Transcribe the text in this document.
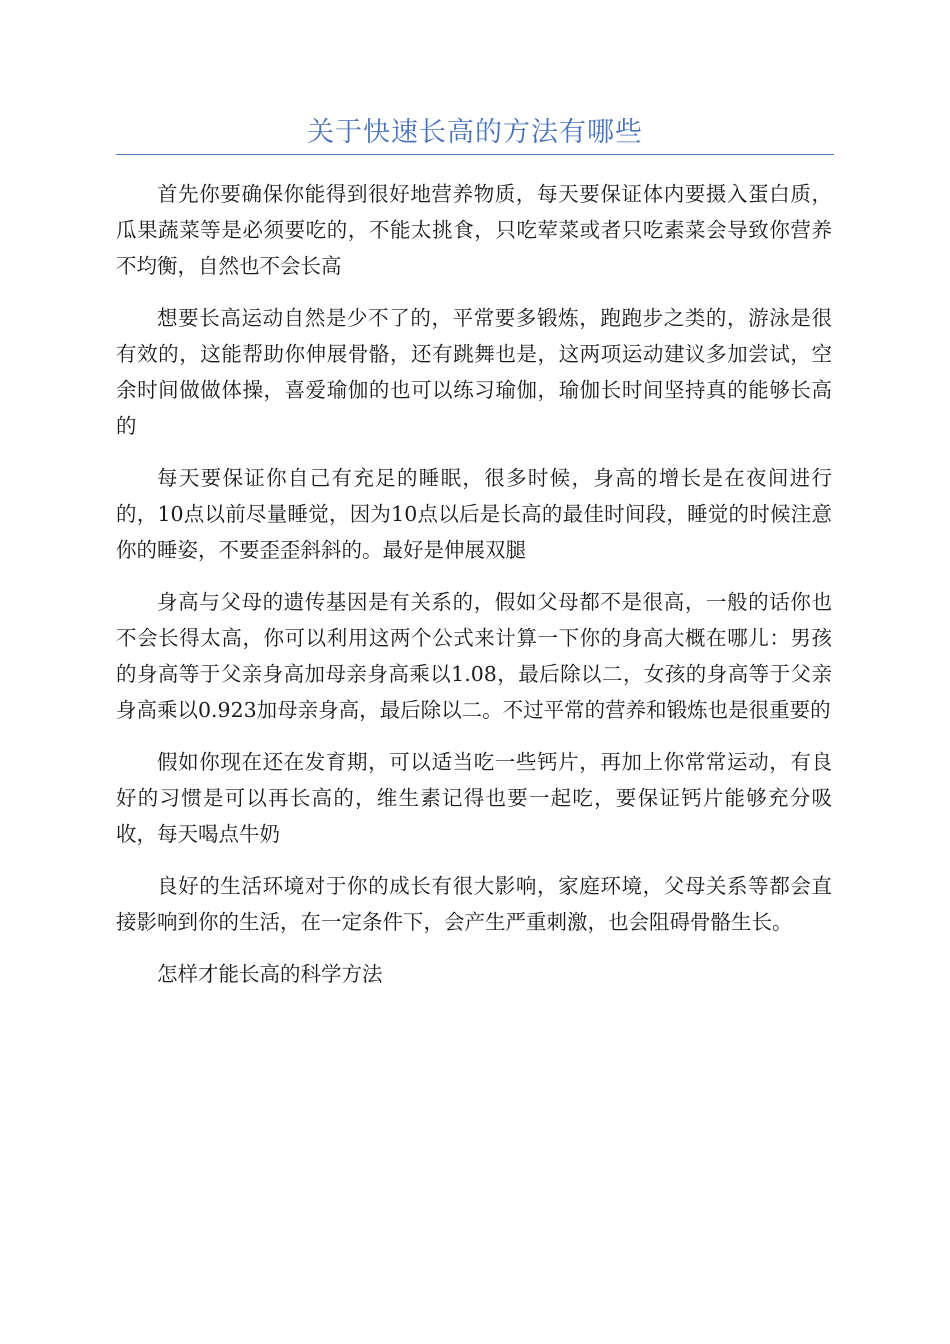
关于快速长高的方法有哪些

首先你要确保你能得到很好地营养物质，每天要保证体内要摄入蛋白质，瓜果蔬菜等是必须要吃的，不能太挑食，只吃荤菜或者只吃素菜会导致你营养不均衡，自然也不会长高

想要长高运动自然是少不了的，平常要多锻炼，跑跑步之类的，游泳是很有效的，这能帮助你伸展骨骼，还有跳舞也是，这两项运动建议多加尝试，空余时间做做体操，喜爱瑜伽的也可以练习瑜伽，瑜伽长时间坚持真的能够长高的

每天要保证你自己有充足的睡眠，很多时候，身高的增长是在夜间进行的，10点以前尽量睡觉，因为10点以后是长高的最佳时间段，睡觉的时候注意你的睡姿，不要歪歪斜斜的。最好是伸展双腿

身高与父母的遗传基因是有关系的，假如父母都不是很高，一般的话你也不会长得太高，你可以利用这两个公式来计算一下你的身高大概在哪儿：男孩的身高等于父亲身高加母亲身高乘以1.08，最后除以二，女孩的身高等于父亲身高乘以0.923加母亲身高，最后除以二。不过平常的营养和锻炼也是很重要的

假如你现在还在发育期，可以适当吃一些钙片，再加上你常常运动，有良好的习惯是可以再长高的，维生素记得也要一起吃，要保证钙片能够充分吸收，每天喝点牛奶

良好的生活环境对于你的成长有很大影响，家庭环境，父母关系等都会直接影响到你的生活，在一定条件下，会产生严重刺激，也会阻碍骨骼生长。

怎样才能长高的科学方法
